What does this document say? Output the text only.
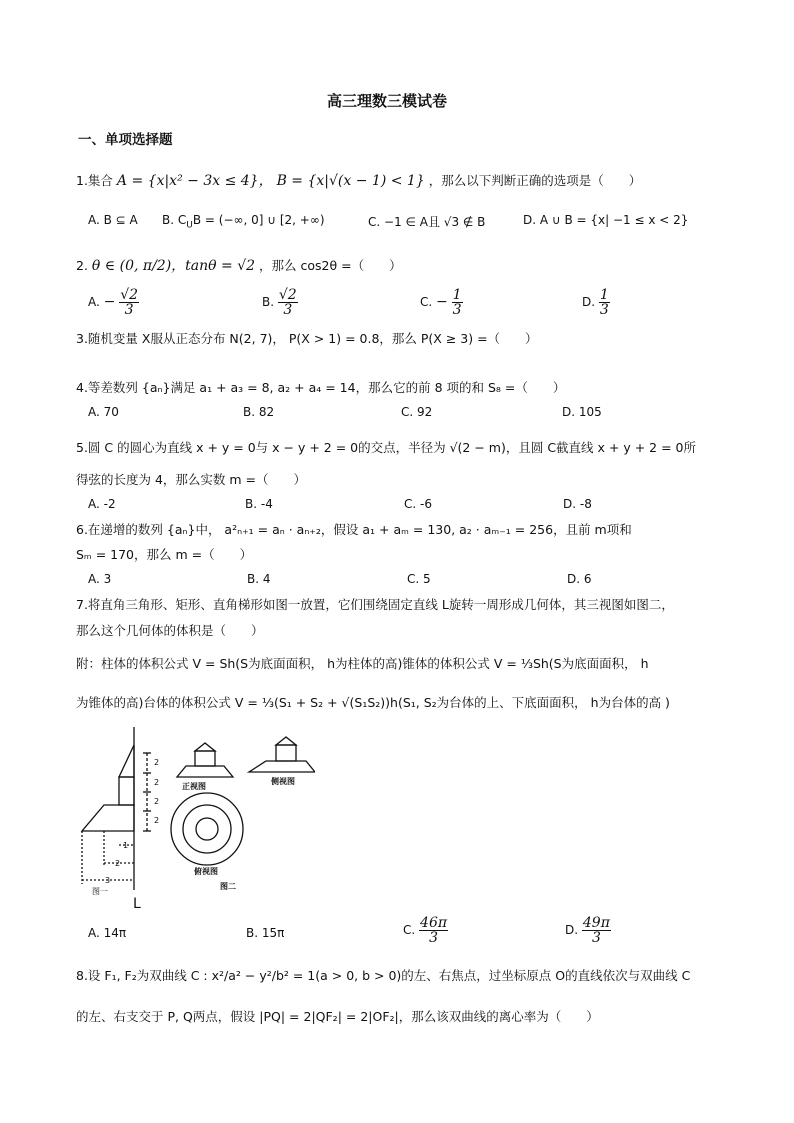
高三理数三模试卷
一、单项选择题
1.集合 A = {x|x² − 3x ≤ 4}， B = {x|√(x − 1) < 1} ，那么以下判断正确的选项是（　　）
A. B ⊆ A B. $C_UB$ = (−∞, 0] ∪ [2, +∞)	C. −1 ∈ A且 √3 ∉ B	D. A ∪ B = {x| −1 ≤ x < 2}
2. θ ∈ (0, π/2)，tanθ = √2 ，那么 cos2θ =（　　）
A. − $\frac{√2}{3}$	B. $\frac{√2}{3}$	C. − $\frac{1}{3}$	D. $\frac{1}{3}$
3.随机变量 X服从正态分布 N(2, 7)， P(X > 1) = 0.8，那么 P(X ≥ 3) =（　　）
4.等差数列 {aₙ}满足 a₁ + a₃ = 8, a₂ + a₄ = 14，那么它的前 8 项的和 S₈ =（　　）
A. 70	B. 82	C. 92	D. 105
5.圆 C 的圆心为直线 x + y = 0与 x − y + 2 = 0的交点，半径为 √(2 − m)，且圆 C截直线 x + y + 2 = 0所
得弦的长度为 4，那么实数 m =（　　）
A. -2	B. -4	C. -6	D. -8
6.在递增的数列 {aₙ}中， a²ₙ₊₁ = aₙ · aₙ₊₂，假设 a₁ + aₘ = 130, a₂ · aₘ₋₁ = 256，且前 m项和
Sₘ = 170，那么 m =（　　）
A. 3	B. 4	C. 5	D. 6
7.将直角三角形、矩形、直角梯形如图一放置，它们围绕固定直线 L旋转一周形成几何体，其三视图如图二，
那么这个几何体的体积是（　　）
附：柱体的体积公式 V = Sh(S为底面面积， h为柱体的高)锥体的体积公式 V = ⅓Sh(S为底面面积， h
为锥体的高)台体的体积公式 V = ⅓(S₁ + S₂ + √(S₁S₂))h(S₁, S₂为台体的上、下底面面积， h为台体的高 )
2
2
2
2
1
2
3
图一
正视图
侧视图
俯视图
图二
L
A. 14π	B. 15π	C. $\frac{46\pi}{3}$	D. $\frac{49\pi}{3}$
8.设 F₁, F₂为双曲线 C : x²/a² − y²/b² = 1(a > 0, b > 0)的左、右焦点，过坐标原点 O的直线依次与双曲线 C
的左、右支交于 P, Q两点，假设 |PQ| = 2|QF₂| = 2|OF₂|，那么该双曲线的离心率为（　　）
